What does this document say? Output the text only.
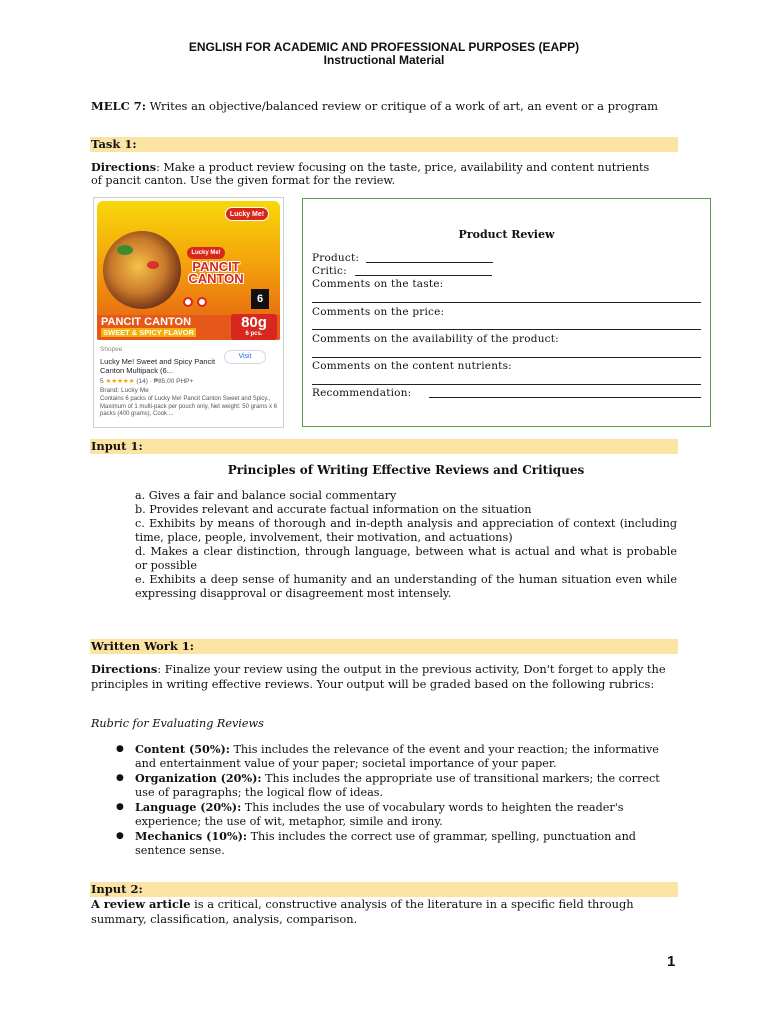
ENGLISH FOR ACADEMIC AND PROFESSIONAL PURPOSES (EAPP)
Instructional Material
MELC 7: Writes an objective/balanced review or critique of a work of art, an event or a program
Task 1:
Directions: Make a product review focusing on the taste, price, availability and content nutrients of pancit canton. Use the given format for the review.
Lucky Me!
Lucky Me!
PANCIT CANTON
6
PANCIT CANTON
SWEET & SPICY FLAVOR
80g
6 pcs.
Shopee
Visit
Lucky Me! Sweet and Spicy Pancit Canton Multipack (6...
5 ★★★★★ (14) · ₱85.00 PHP+
Brand: Lucky Me
Contains 6 packs of Lucky Me! Pancit Canton Sweet and Spicy., Maximum of 1 multi-pack per pouch only, Net weight: 50 grams x 6 packs (400 grams), Cook ...
Product Review
Product:
Critic:
Comments on the taste:
Comments on the price:
Comments on the availability of the product:
Comments on the content nutrients:
Recommendation:
Input 1:
Principles of Writing Effective Reviews and Critiques

a. Gives a fair and balance social commentary

b. Provides relevant and accurate factual information on the situation

c. Exhibits by means of thorough and in-depth analysis and appreciation of context (including time, place, people, involvement, their motivation, and actuations)

d. Makes a clear distinction, through language, between what is actual and what is probable or possible

e. Exhibits a deep sense of humanity and an understanding of the human situation even while expressing disapproval or disagreement most intensely.

Written Work 1:
Directions: Finalize your review using the output in the previous activity, Don't forget to apply the principles in writing effective reviews. Your output will be graded based on the following rubrics:
Rubric for Evaluating Reviews
● Content (50%): This includes the relevance of the event and your reaction; the informative and entertainment value of your paper; societal importance of your paper.
● Organization (20%): This includes the appropriate use of transitional markers; the correct use of paragraphs; the logical flow of ideas.
● Language (20%): This includes the use of vocabulary words to heighten the reader's experience; the use of wit, metaphor, simile and irony.
● Mechanics (10%): This includes the correct use of grammar, spelling, punctuation and sentence sense.
Input 2:
A review article is a critical, constructive analysis of the literature in a specific field through summary, classification, analysis, comparison.
1
